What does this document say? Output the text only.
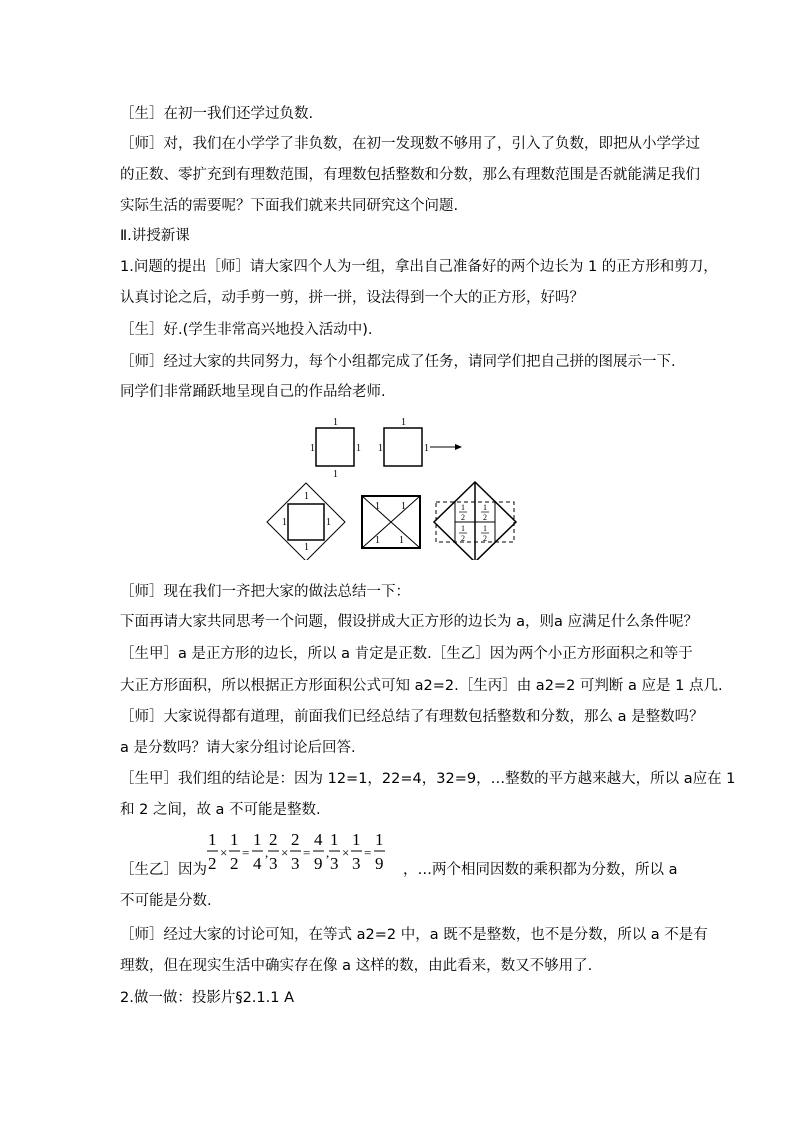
［生］在初一我们还学过负数.
［师］对，我们在小学学了非负数，在初一发现数不够用了，引入了负数，即把从小学学过
的正数、零扩充到有理数范围，有理数包括整数和分数，那么有理数范围是否就能满足我们
实际生活的需要呢？下面我们就来共同研究这个问题.
Ⅱ.讲授新课
1.问题的提出［师］请大家四个人为一组，拿出自己准备好的两个边长为 1 的正方形和剪刀，
认真讨论之后，动手剪一剪，拼一拼，设法得到一个大的正方形，好吗？
［生］好.(学生非常高兴地投入活动中).
［师］经过大家的共同努力，每个小组都完成了任务，请同学们把自己拼的图展示一下.
同学们非常踊跃地呈现自己的作品给老师.
1
1	1
1
1
1	1
1
1	1
1
1 1
1 1
1
2
1
2
1
2
1
2
［师］现在我们一齐把大家的做法总结一下：
下面再请大家共同思考一个问题，假设拼成大正方形的边长为 a，则a 应满足什么条件呢？
［生甲］a 是正方形的边长，所以 a 肯定是正数.［生乙］因为两个小正方形面积之和等于
大正方形面积，所以根据正方形面积公式可知 a2=2.［生丙］由 a2=2 可判断 a 应是 1 点几.
［师］大家说得都有道理，前面我们已经总结了有理数包括整数和分数，那么 a 是整数吗？
a 是分数吗？请大家分组讨论后回答.
［生甲］我们组的结论是：因为 12=1，22=4，32=9，…整数的平方越来越大，所以 a应在 1
和 2 之间，故 a 不可能是整数.
［生乙］因为
1
2
×
1
2
=
1
4
,
2
3
×
2
3
=
4
9
,
1
3
×
1
3
=
1
9 ，…两个相同因数的乘积都为分数，所以 a
不可能是分数.
［师］经过大家的讨论可知，在等式 a2=2 中，a 既不是整数，也不是分数，所以 a 不是有
理数，但在现实生活中确实存在像 a 这样的数，由此看来，数又不够用了.
2.做一做：投影片§2.1.1 A
